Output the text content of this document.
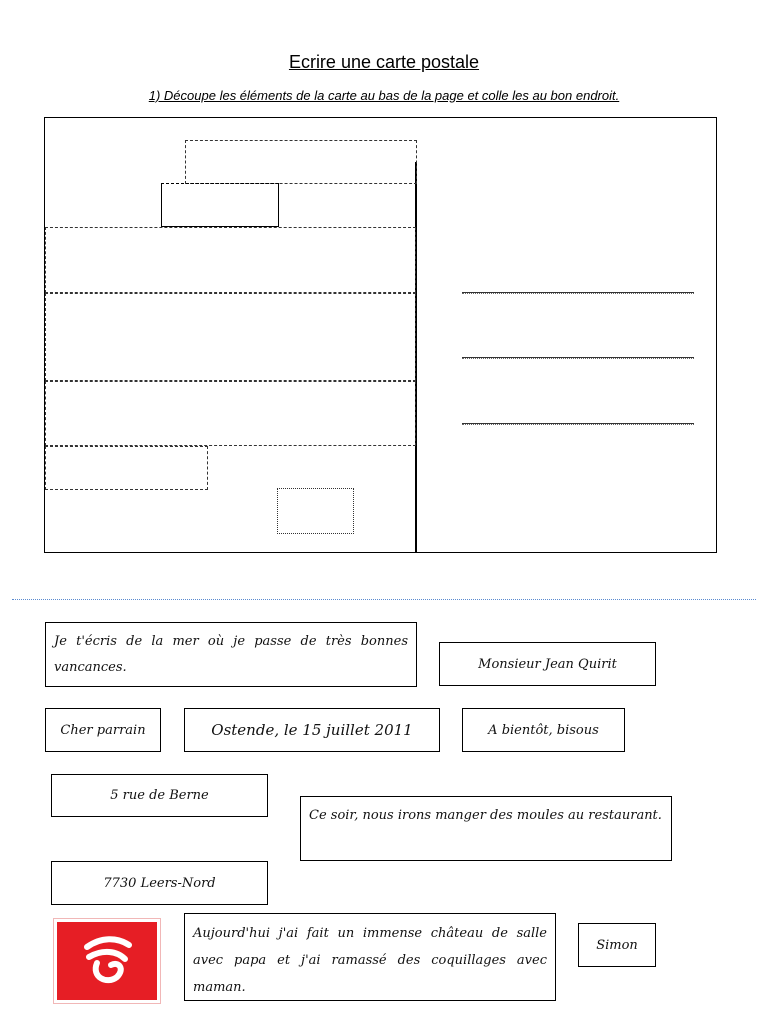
Ecrire une carte postale
1) Découpe les éléments de la carte au bas de la page et colle les au bon endroit.
Je t'écris de la mer où je passe de très bonnes vancances.	Monsieur Jean Quirit
Cher parrain	Ostende, le 15 juillet 2011	A bientôt, bisous
5 rue de Berne
Ce soir, nous irons manger des moules au restaurant.
7730 Leers-Nord
Aujourd'hui j'ai fait un immense château de salle avec papa et j'ai ramassé des coquillages avec maman.
Simon
